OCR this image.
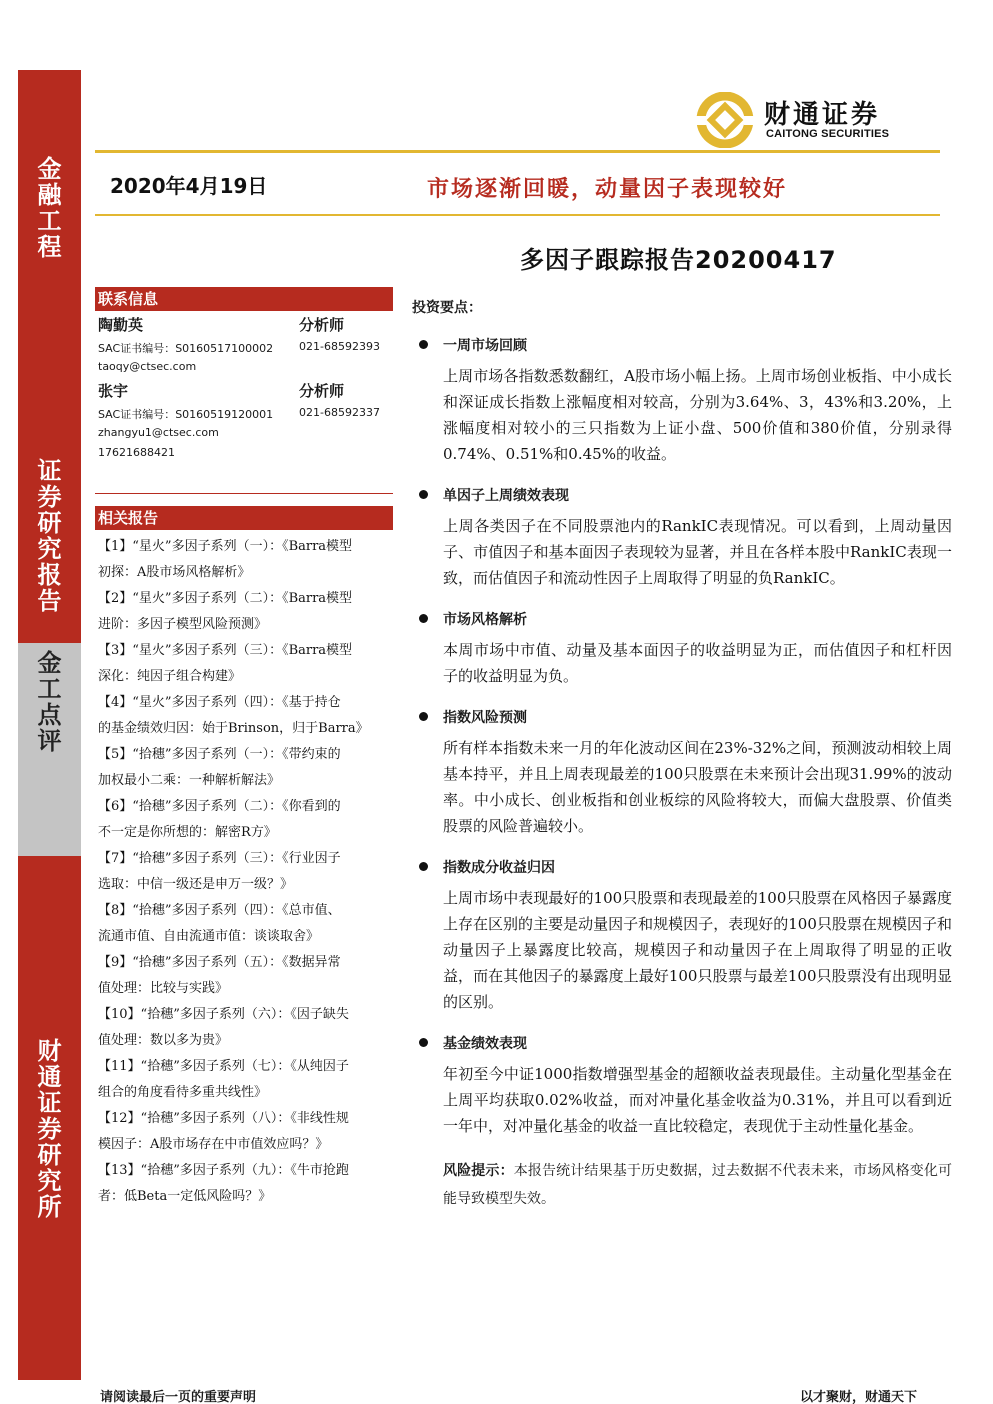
金融工程
证券研究报告
金工点评
财通证券研究所
财通证券
CAITONG SECURITIES
2020年4月19日	市场逐渐回暖，动量因子表现较好
多因子跟踪报告20200417
联系信息
陶勤英	分析师
SAC证书编号：S0160517100002 021-68592393
taoqy@ctsec.com
张宇	分析师
SAC证书编号：S0160519120001 021-68592337
zhangyu1@ctsec.com
17621688421
相关报告
【1】“星火”多因子系列（一）：《Barra模型
初探：A股市场风格解析》
【2】“星火”多因子系列（二）：《Barra模型
进阶：多因子模型风险预测》
【3】“星火”多因子系列（三）：《Barra模型
深化：纯因子组合构建》
【4】“星火”多因子系列（四）：《基于持仓
的基金绩效归因：始于Brinson，归于Barra》
【5】“拾穗”多因子系列（一）：《带约束的
加权最小二乘：一种解析解法》
【6】“拾穗”多因子系列（二）：《你看到的
不一定是你所想的：解密R方》
【7】“拾穗”多因子系列（三）：《行业因子
选取：中信一级还是申万一级？》
【8】“拾穗”多因子系列（四）：《总市值、
流通市值、自由流通市值：谈谈取舍》
【9】“拾穗”多因子系列（五）：《数据异常
值处理：比较与实践》
【10】“拾穗”多因子系列（六）：《因子缺失
值处理：数以多为贵》
【11】“拾穗”多因子系列（七）：《从纯因子
组合的角度看待多重共线性》
【12】“拾穗”多因子系列（八）：《非线性规
模因子：A股市场存在中市值效应吗？》
【13】“拾穗”多因子系列（九）：《牛市抢跑
者：低Beta一定低风险吗？》
投资要点：
一周市场回顾
上周市场各指数悉数翻红，A股市场小幅上扬。上周市场创业板指、中小成长和深证成长指数上涨幅度相对较高，分别为3.64%、3，43%和3.20%，上涨幅度相对较小的三只指数为上证小盘、500价值和380价值，分别录得0.74%、0.51%和0.45%的收益。
单因子上周绩效表现
上周各类因子在不同股票池内的RankIC表现情况。可以看到，上周动量因子、市值因子和基本面因子表现较为显著，并且在各样本股中RankIC表现一致，而估值因子和流动性因子上周取得了明显的负RankIC。
市场风格解析
本周市场中市值、动量及基本面因子的收益明显为正，而估值因子和杠杆因子的收益明显为负。
指数风险预测
所有样本指数未来一月的年化波动区间在23%-32%之间，预测波动相较上周基本持平，并且上周表现最差的100只股票在未来预计会出现31.99%的波动率。中小成长、创业板指和创业板综的风险将较大，而偏大盘股票、价值类股票的风险普遍较小。
指数成分收益归因
上周市场中表现最好的100只股票和表现最差的100只股票在风格因子暴露度上存在区别的主要是动量因子和规模因子，表现好的100只股票在规模因子和动量因子上暴露度比较高，规模因子和动量因子在上周取得了明显的正收益，而在其他因子的暴露度上最好100只股票与最差100只股票没有出现明显的区别。
基金绩效表现
年初至今中证1000指数增强型基金的超额收益表现最佳。主动量化型基金在上周平均获取0.02%收益，而对冲量化基金收益为0.31%，并且可以看到近一年中，对冲量化基金的收益一直比较稳定，表现优于主动性量化基金。
风险提示：本报告统计结果基于历史数据，过去数据不代表未来，市场风格变化可能导致模型失效。
请阅读最后一页的重要声明	以才聚财，财通天下
